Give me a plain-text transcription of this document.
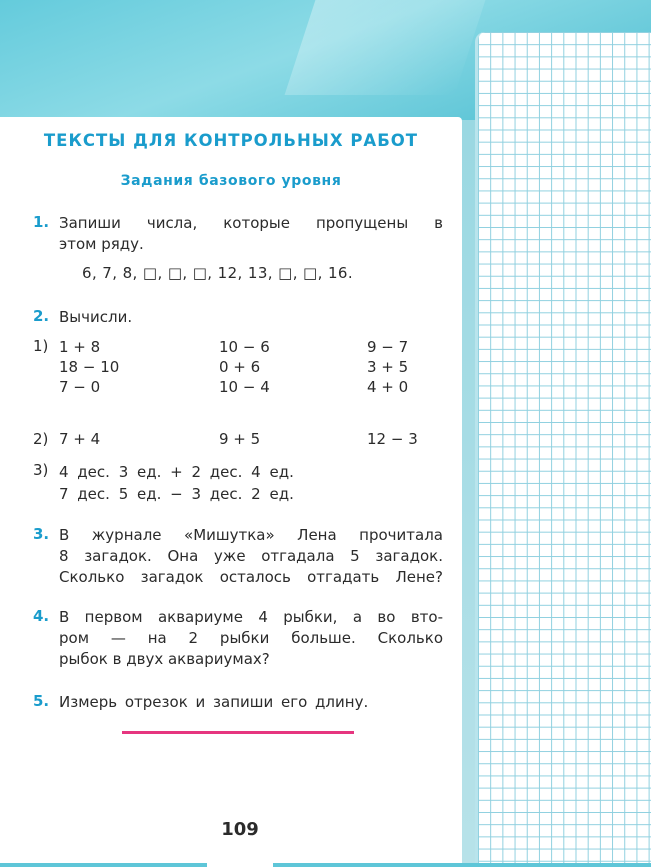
ТЕКСТЫ ДЛЯ КОНТРОЛЬНЫХ РАБОТ
Задания базового уровня
1. Запиши числа, которые пропущены в
этом ряду.
6, 7, 8, □, □, □, 12, 13, □, □, 16.
2. Вычисли.
1) 1 + 8
18 − 10
7 − 0
10 − 6
0 + 6
10 − 4
9 − 7
3 + 5
4 + 0
2) 7 + 4	9 + 5	12 − 3
3) 4 дес. 3 ед. + 2 дес. 4 ед.
7 дес. 5 ед. − 3 дес. 2 ед.
3. В журнале «Мишутка» Лена прочитала
8 загадок. Она уже отгадала 5 загадок.
Сколько загадок осталось отгадать Лене?
4. В первом аквариуме 4 рыбки, а во вто-
ром — на 2 рыбки больше. Сколько
рыбок в двух аквариумах?
5. Измерь отрезок и запиши его длину.
109
